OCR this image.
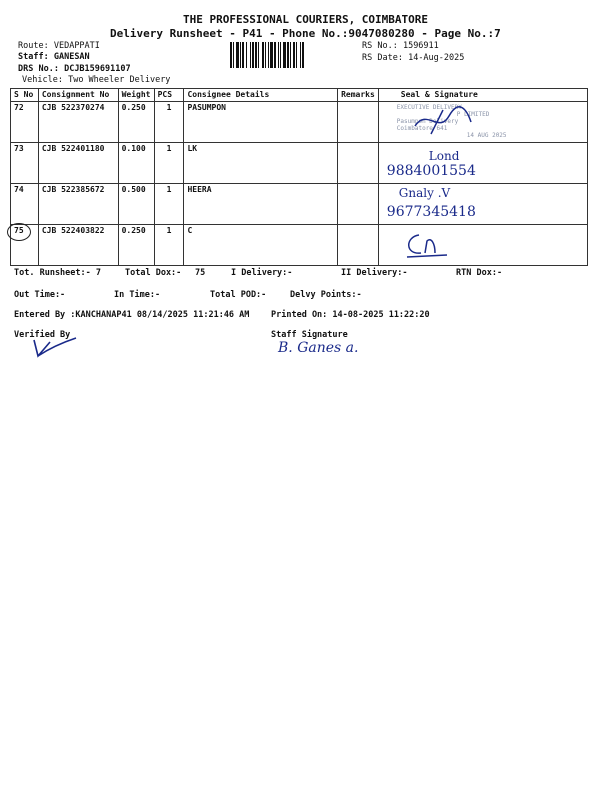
THE PROFESSIONAL COURIERS, COIMBATORE
Delivery Runsheet - P41 - Phone No.:9047080280 - Page No.:7
Route: VEDAPPATI
Staff: GANESAN
DRS No.: DCJB159691107
Vehicle: Two Wheeler Delivery
RS No.: 1596911
RS Date: 14-Aug-2025
S No	Consignment No	Weight	PCS	Consignee Details	Remarks	Seal & Signature
72	CJB 522370274	0.250	1	PASUMPON		EXECUTIVE DELIVERY
P LIMITED
Pasumpon Delivery
Coimbatore 641
14 AUG 2025

73	CJB 522401180	0.100	1	LK		Lond
9884001554

74	CJB 522385672	0.500	1	HEERA		Gnaly .V
9677345418

75	CJB 522403822	0.250	1	C		
Tot. Runsheet:- 7	Total Dox:- 75	I Delivery:-	II Delivery:-	RTN Dox:-
Out Time:-	In Time:-	Total POD:-	Delvy Points:-
Entered By :KANCHANAP41 08/14/2025 11:21:46 AM	Printed On: 14-08-2025 11:22:20
Verified By	Staff Signature
B. Ganes a.
